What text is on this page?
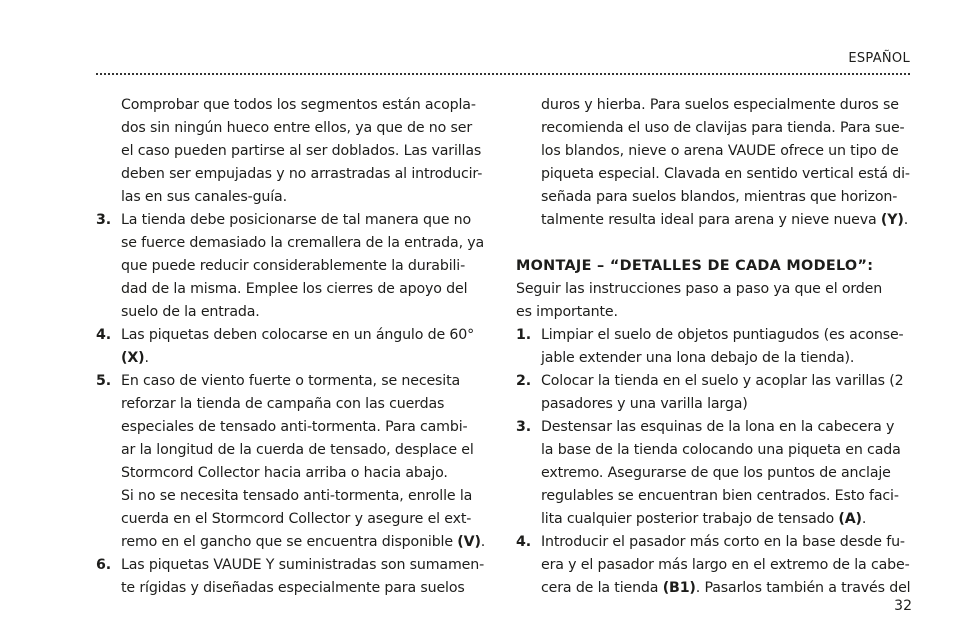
ESPAÑOL
Comprobar que todos los segmentos están acopla-
dos sin ningún hueco entre ellos, ya que de no ser
el caso pueden partirse al ser doblados. Las varillas
deben ser empujadas y no arrastradas al introducir-
las en sus canales-guía.
3. La tienda debe posicionarse de tal manera que no
se fuerce demasiado la cremallera de la entrada, ya
que puede reducir considerablemente la durabili-
dad de la misma. Emplee los cierres de apoyo del
suelo de la entrada.
4. Las piquetas deben colocarse en un ángulo de 60°
(X).
5. En caso de viento fuerte o tormenta, se necesita
reforzar la tienda de campaña con las cuerdas
especiales de tensado anti-tormenta. Para cambi-
ar la longitud de la cuerda de tensado, desplace el
Stormcord Collector hacia arriba o hacia abajo.
Si no se necesita tensado anti-tormenta, enrolle la
cuerda en el Stormcord Collector y asegure el ext-
remo en el gancho que se encuentra disponible (V).
6. Las piquetas VAUDE Y suministradas son sumamen-
te rígidas y diseñadas especialmente para suelos
duros y hierba. Para suelos especialmente duros se
recomienda el uso de clavijas para tienda. Para sue-
los blandos, nieve o arena VAUDE ofrece un tipo de
piqueta especial. Clavada en sentido vertical está di-
señada para suelos blandos, mientras que horizon-
talmente resulta ideal para arena y nieve nueva (Y).
MONTAJE – “DETALLES DE CADA MODELO”:
Seguir las instrucciones paso a paso ya que el orden
es importante.
1. Limpiar el suelo de objetos puntiagudos (es aconse-
jable extender una lona debajo de la tienda).
2. Colocar la tienda en el suelo y acoplar las varillas (2
pasadores y una varilla larga)
3. Destensar las esquinas de la lona en la cabecera y
la base de la tienda colocando una piqueta en cada
extremo. Asegurarse de que los puntos de anclaje
regulables se encuentran bien centrados. Esto faci-
lita cualquier posterior trabajo de tensado (A).
4. Introducir el pasador más corto en la base desde fu-
era y el pasador más largo en el extremo de la cabe-
cera de la tienda (B1). Pasarlos también a través del
32
